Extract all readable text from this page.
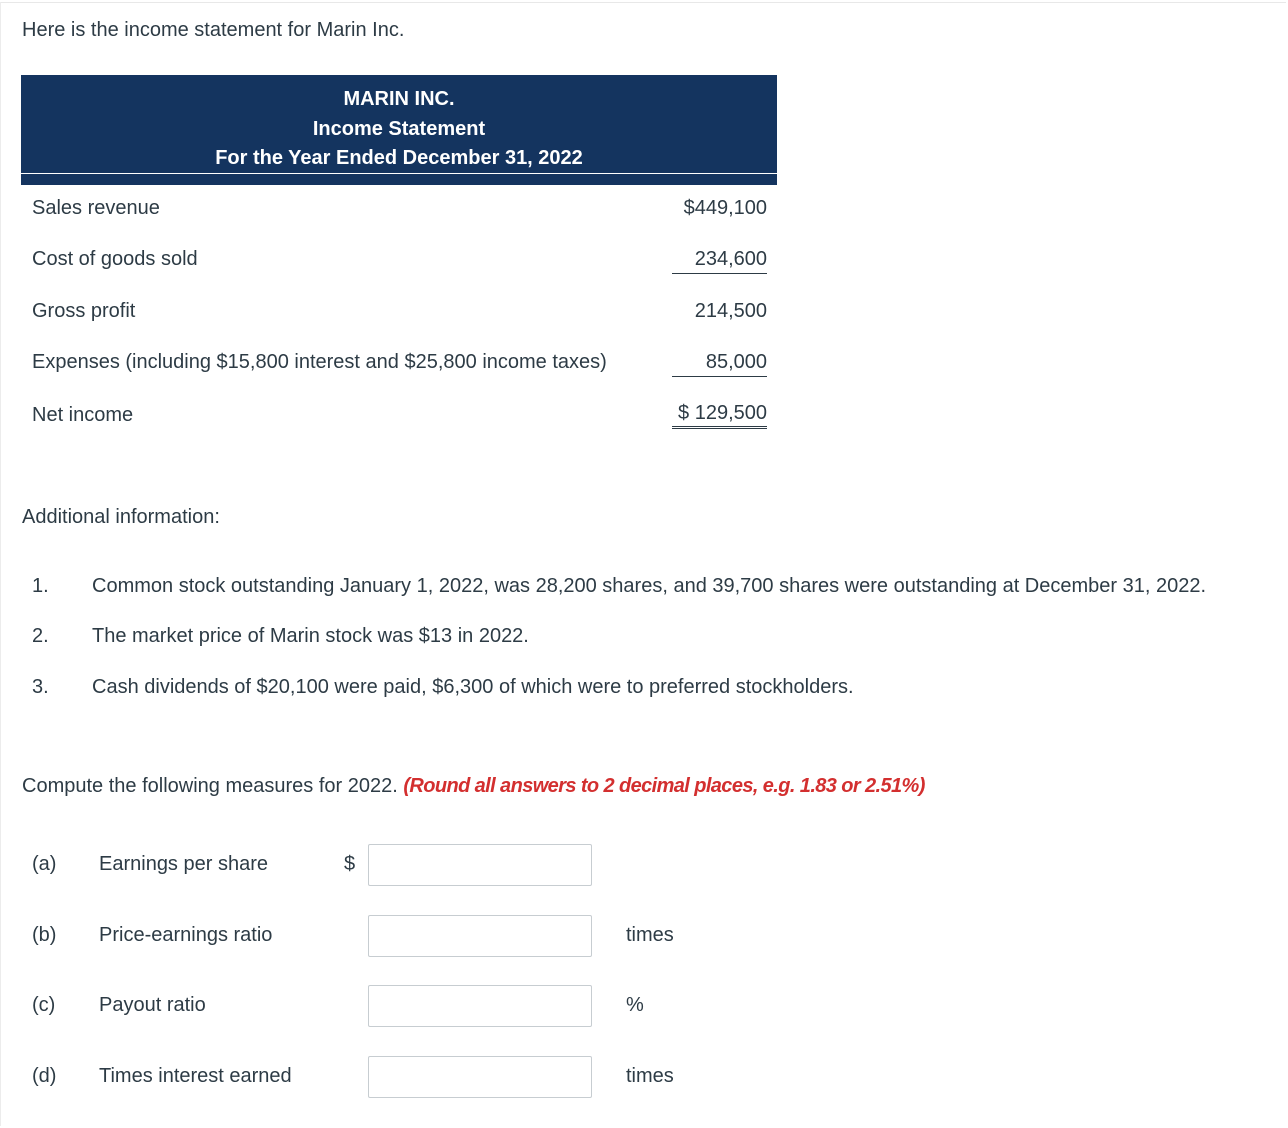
Here is the income statement for Marin Inc.
MARIN INC.
Income Statement
For the Year Ended December 31, 2022
Sales revenue	$449,100
Cost of goods sold	234,600
Gross profit	214,500
Expenses (including $15,800 interest and $25,800 income taxes)	85,000
Net income	$ 129,500
Additional information:
1. Common stock outstanding January 1, 2022, was 28,200 shares, and 39,700 shares were outstanding at December 31, 2022.
2. The market price of Marin stock was $13 in 2022.
3. Cash dividends of $20,100 were paid, $6,300 of which were to preferred stockholders.
Compute the following measures for 2022. (Round all answers to 2 decimal places, e.g. 1.83 or 2.51%)
(a) Earnings per share	$
(b) Price-earnings ratio	times
(c) Payout ratio	%
(d) Times interest earned	times
